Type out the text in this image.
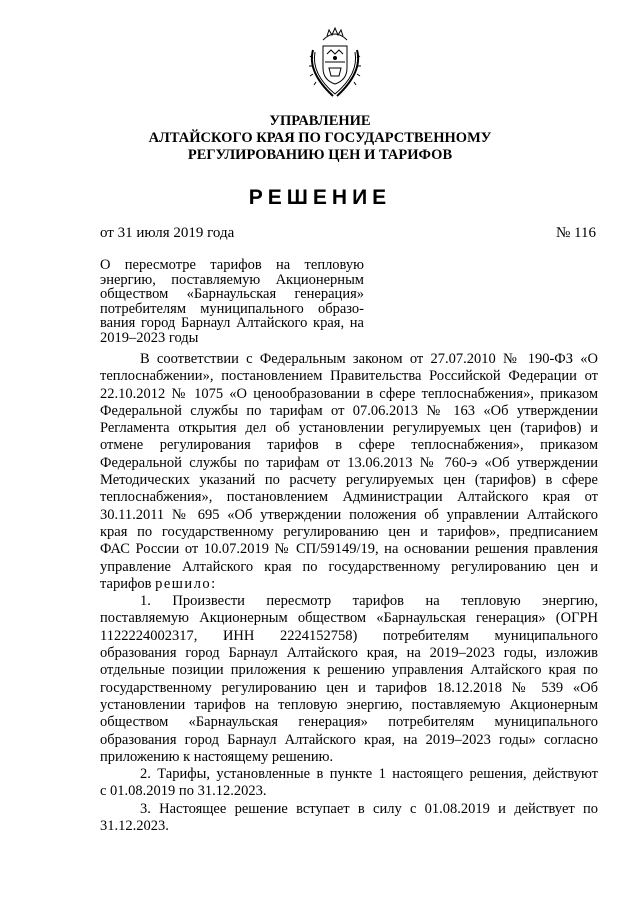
УПРАВЛЕНИЕ
АЛТАЙСКОГО КРАЯ ПО ГОСУДАРСТВЕННОМУ
РЕГУЛИРОВАНИЮ ЦЕН И ТАРИФОВ
РЕШЕНИЕ
от 31 июля 2019 года	№ 116
О пересмотре тарифов на тепловую
энергию, поставляемую Акционерным
обществом «Барнаульская генерация»
потребителям муниципального образо-
вания город Барнаул Алтайского края, на
2019–2023 годы
В соответствии с Федеральным законом от 27.07.2010 № 190-ФЗ «О
теплоснабжении», постановлением Правительства Российской Федерации от
22.10.2012 № 1075 «О ценообразовании в сфере теплоснабжения», приказом
Федеральной службы по тарифам от 07.06.2013 № 163 «Об утверждении
Регламента открытия дел об установлении регулируемых цен (тарифов) и
отмене регулирования тарифов в сфере теплоснабжения», приказом
Федеральной службы по тарифам от 13.06.2013 № 760-э «Об утверждении
Методических указаний по расчету регулируемых цен (тарифов) в сфере
теплоснабжения», постановлением Администрации Алтайского края от
30.11.2011 № 695 «Об утверждении положения об управлении Алтайского
края по государственному регулированию цен и тарифов», предписанием
ФАС России от 10.07.2019 № СП/59149/19, на основании решения правления
управление Алтайского края по государственному регулированию цен и
тарифов решило:
1. Произвести пересмотр тарифов на тепловую энергию,
поставляемую Акционерным обществом «Барнаульская генерация» (ОГРН
1122224002317, ИНН 2224152758) потребителям муниципального
образования город Барнаул Алтайского края, на 2019–2023 годы, изложив
отдельные позиции приложения к решению управления Алтайского края по
государственному регулированию цен и тарифов 18.12.2018 № 539 «Об
установлении тарифов на тепловую энергию, поставляемую Акционерным
обществом «Барнаульская генерация» потребителям муниципального
образования город Барнаул Алтайского края, на 2019–2023 годы» согласно
приложению к настоящему решению.
2. Тарифы, установленные в пункте 1 настоящего решения, действуют
с 01.08.2019 по 31.12.2023.
3. Настоящее решение вступает в силу с 01.08.2019 и действует по
31.12.2023.
